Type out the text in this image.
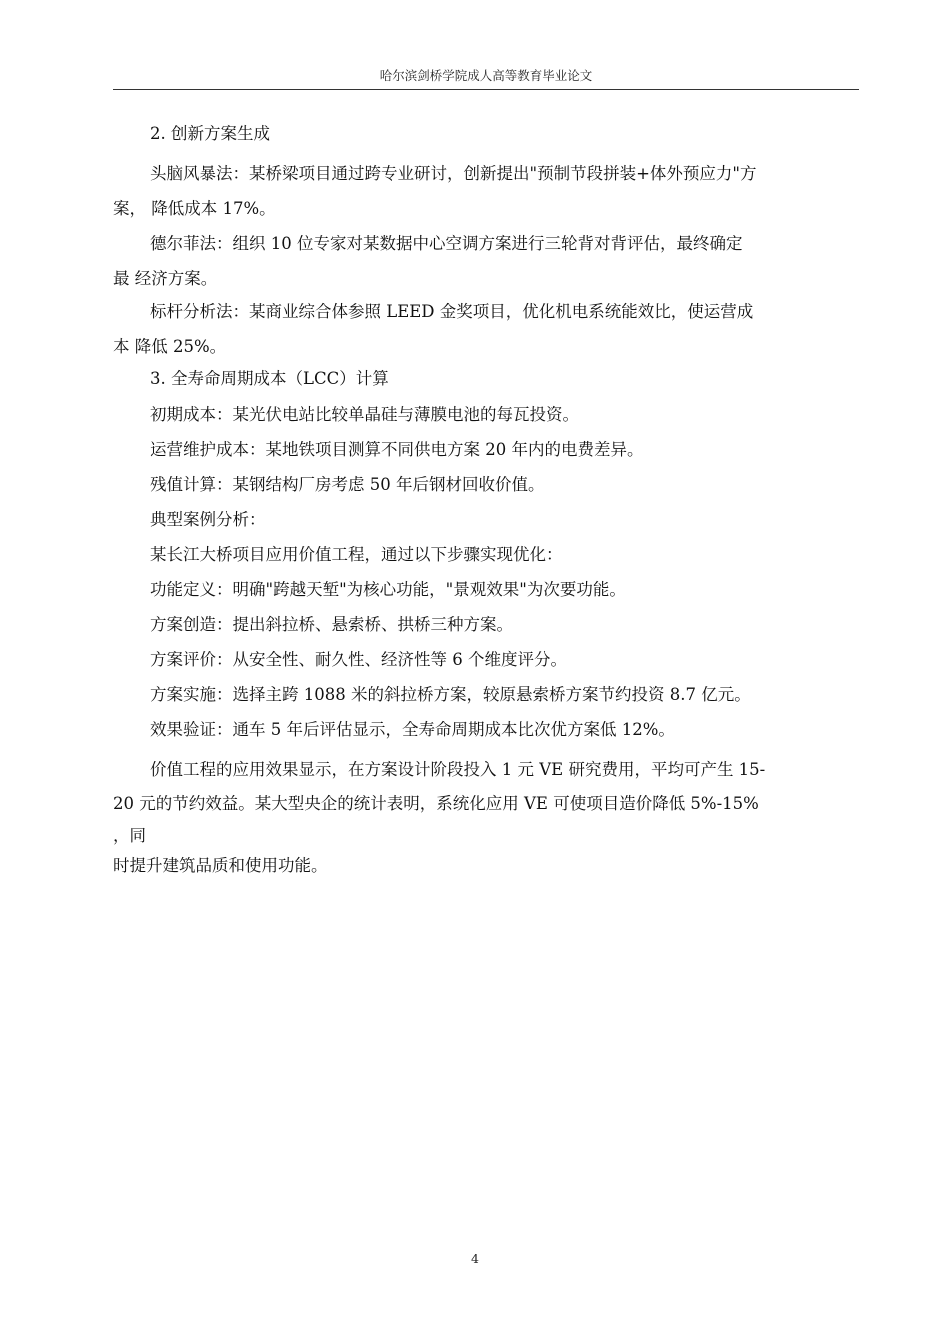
哈尔滨剑桥学院成人高等教育毕业论文
2. 创新方案生成
头脑风暴法：某桥梁项目通过跨专业研讨，创新提出"预制节段拼装+体外预应力"方
案， 降低成本 17%。
德尔菲法：组织 10 位专家对某数据中心空调方案进行三轮背对背评估，最终确定
最 经济方案。
标杆分析法：某商业综合体参照 LEED 金奖项目，优化机电系统能效比，使运营成
本 降低 25%。
3. 全寿命周期成本（LCC）计算
初期成本：某光伏电站比较单晶硅与薄膜电池的每瓦投资。
运营维护成本：某地铁项目测算不同供电方案 20 年内的电费差异。
残值计算：某钢结构厂房考虑 50 年后钢材回收价值。
典型案例分析：
某长江大桥项目应用价值工程，通过以下步骤实现优化：
功能定义：明确"跨越天堑"为核心功能，"景观效果"为次要功能。
方案创造：提出斜拉桥、悬索桥、拱桥三种方案。
方案评价：从安全性、耐久性、经济性等 6 个维度评分。
方案实施：选择主跨 1088 米的斜拉桥方案，较原悬索桥方案节约投资 8.7 亿元。
效果验证：通车 5 年后评估显示，全寿命周期成本比次优方案低 12%。
价值工程的应用效果显示，在方案设计阶段投入 1 元 VE 研究费用，平均可产生 15-
20 元的节约效益。某大型央企的统计表明，系统化应用 VE 可使项目造价降低 5%-15%
，同
时提升建筑品质和使用功能。
4
